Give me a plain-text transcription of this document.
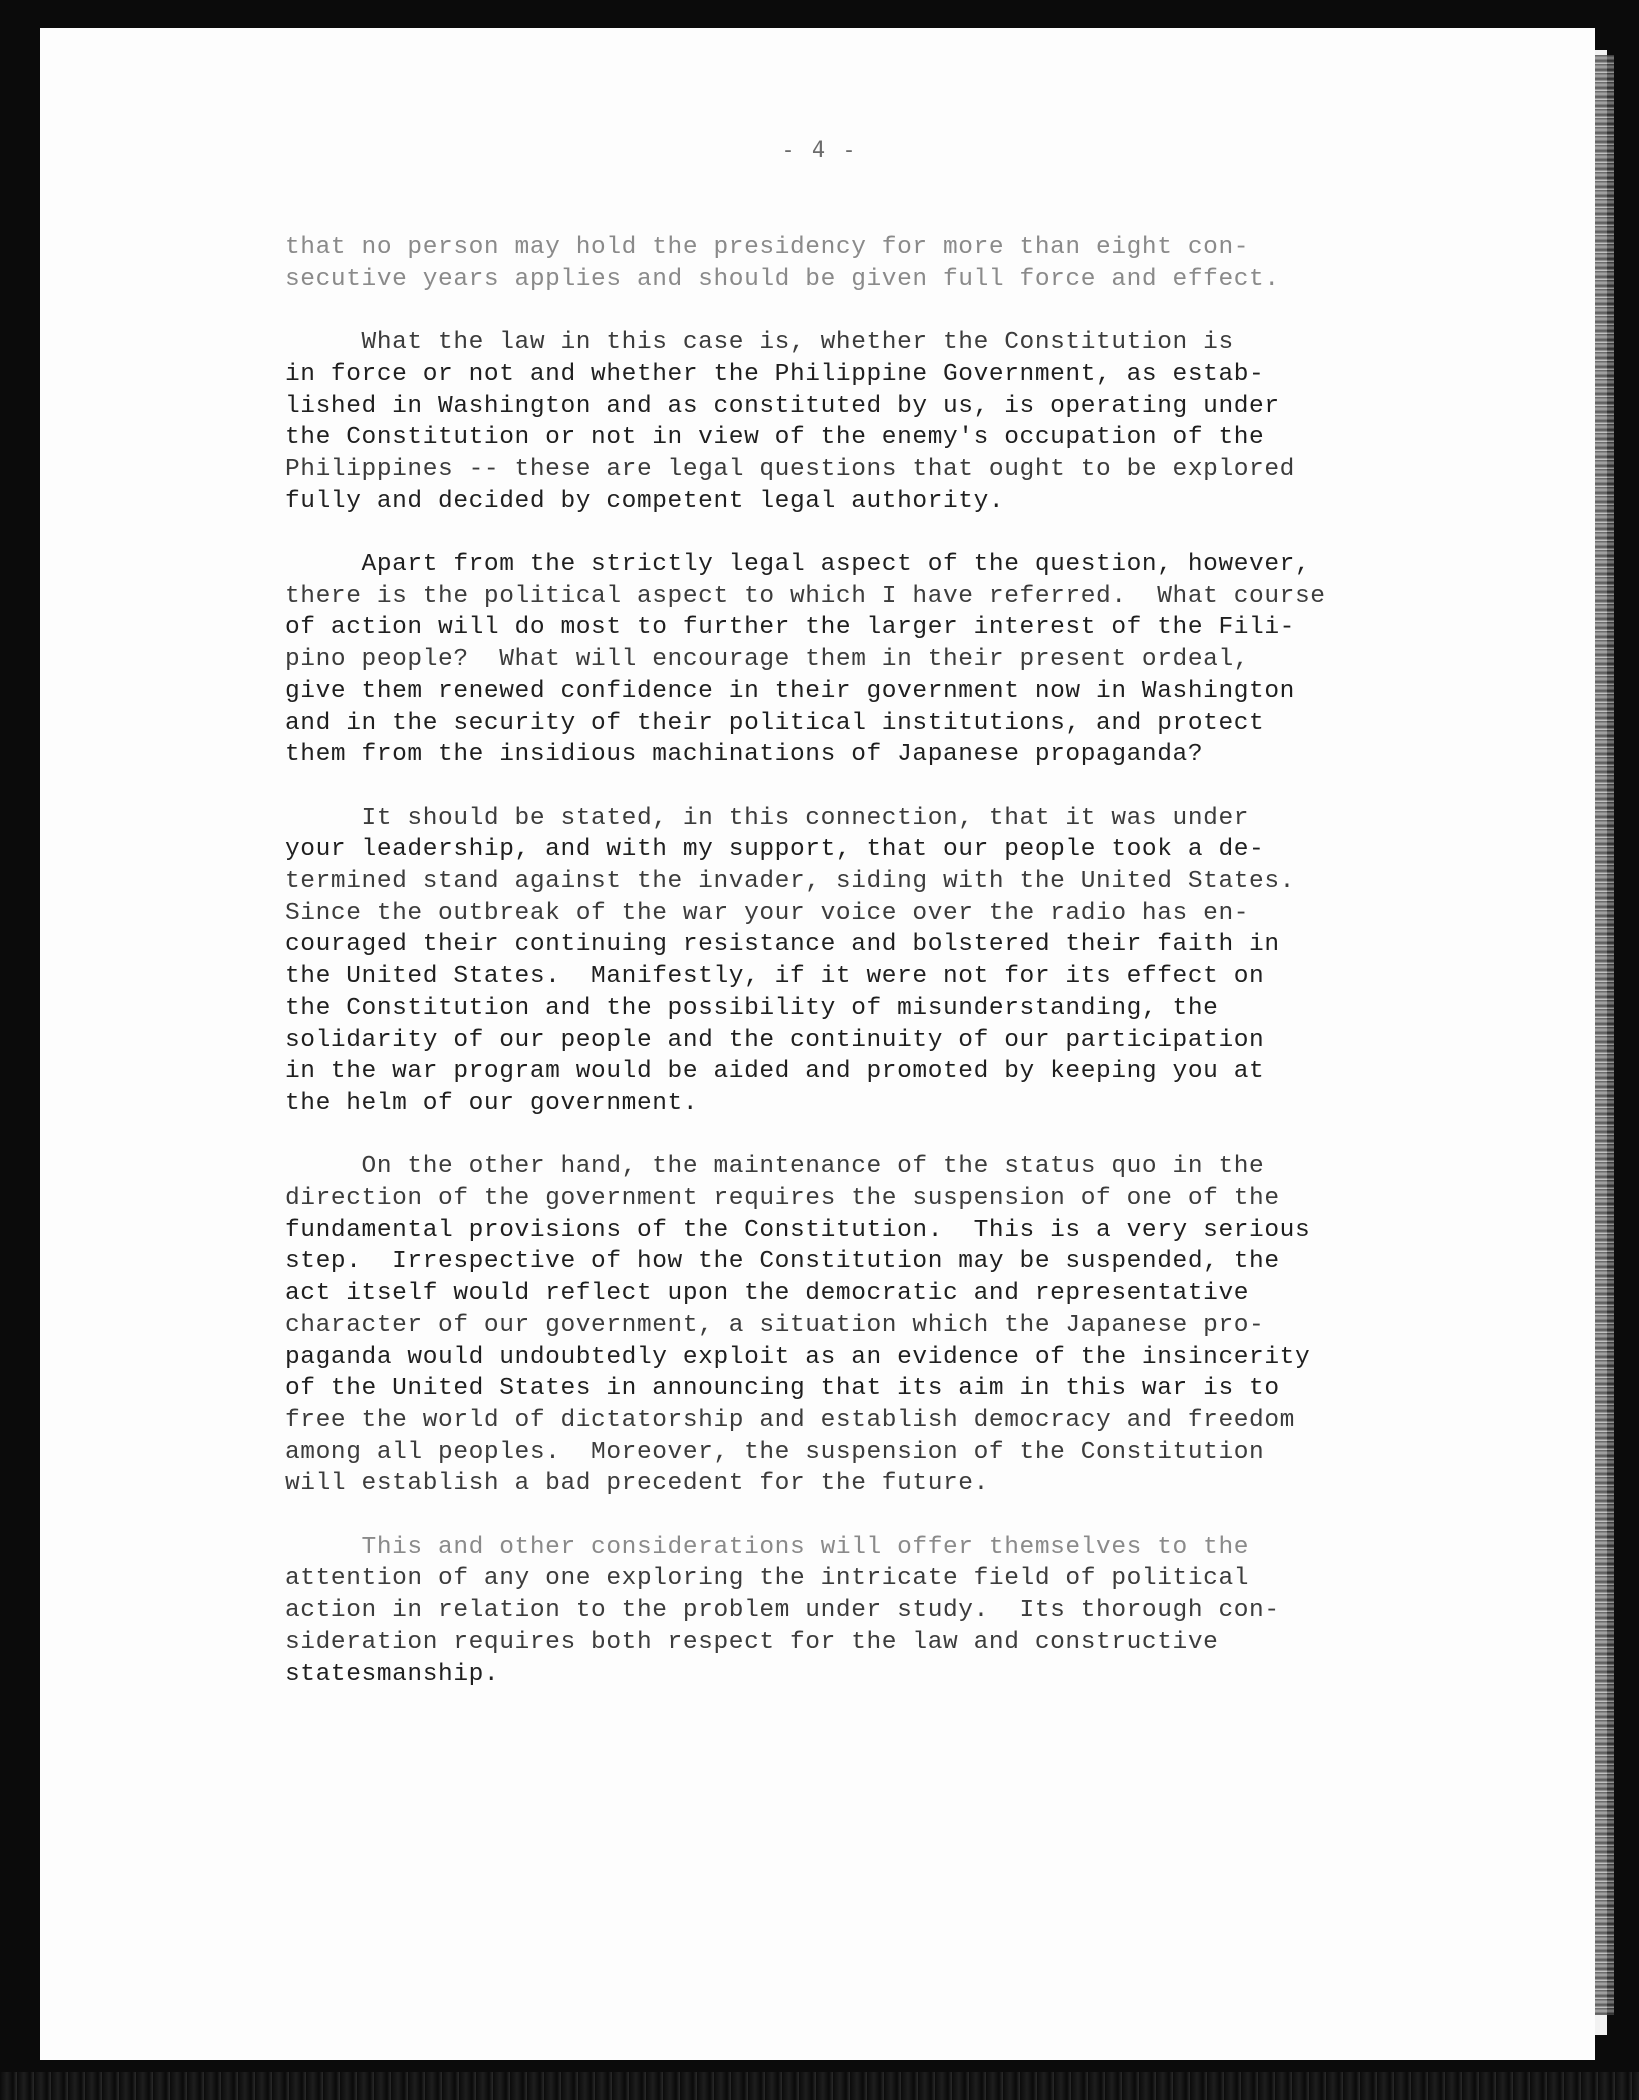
- 4 -
that no person may hold the presidency for more than eight con-
secutive years applies and should be given full force and effect.
What the law in this case is, whether the Constitution is
in force or not and whether the Philippine Government, as estab-
lished in Washington and as constituted by us, is operating under
the Constitution or not in view of the enemy's occupation of the
Philippines -- these are legal questions that ought to be explored
fully and decided by competent legal authority.
Apart from the strictly legal aspect of the question, however,
there is the political aspect to which I have referred.  What course
of action will do most to further the larger interest of the Fili-
pino people?  What will encourage them in their present ordeal,
give them renewed confidence in their government now in Washington
and in the security of their political institutions, and protect
them from the insidious machinations of Japanese propaganda?
It should be stated, in this connection, that it was under
your leadership, and with my support, that our people took a de-
termined stand against the invader, siding with the United States.
Since the outbreak of the war your voice over the radio has en-
couraged their continuing resistance and bolstered their faith in
the United States.  Manifestly, if it were not for its effect on
the Constitution and the possibility of misunderstanding, the
solidarity of our people and the continuity of our participation
in the war program would be aided and promoted by keeping you at
the helm of our government.
On the other hand, the maintenance of the status quo in the
direction of the government requires the suspension of one of the
fundamental provisions of the Constitution.  This is a very serious
step.  Irrespective of how the Constitution may be suspended, the
act itself would reflect upon the democratic and representative
character of our government, a situation which the Japanese pro-
paganda would undoubtedly exploit as an evidence of the insincerity
of the United States in announcing that its aim in this war is to
free the world of dictatorship and establish democracy and freedom
among all peoples.  Moreover, the suspension of the Constitution
will establish a bad precedent for the future.
This and other considerations will offer themselves to the
attention of any one exploring the intricate field of political
action in relation to the problem under study.  Its thorough con-
sideration requires both respect for the law and constructive
statesmanship.
